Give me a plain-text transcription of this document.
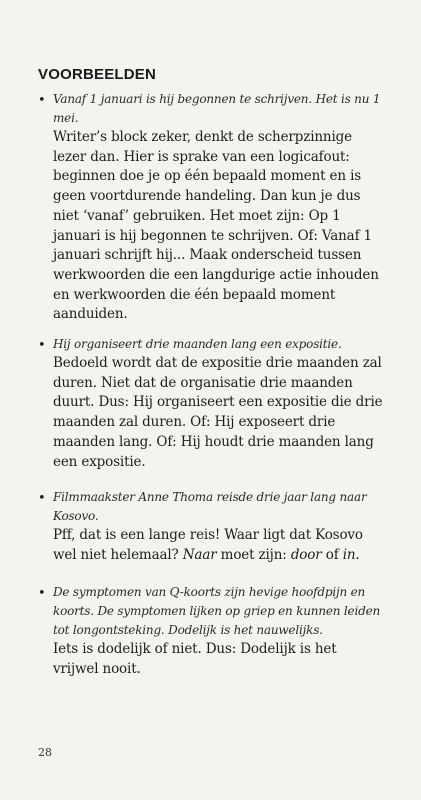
VOORBEELDEN
• Vanaf 1 januari is hij begonnen te schrijven. Het is nu 1 mei.
Writer’s block zeker, denkt de scherpzinnige lezer dan. Hier is sprake van een logicafout: beginnen doe je op één bepaald moment en is geen voortdurende handeling. Dan kun je dus niet ‘vanaf’ gebruiken. Het moet zijn: Op 1 januari is hij begonnen te schrijven. Of: Vanaf 1 januari schrijft hij... Maak onderscheid tussen werkwoorden die een langdurige actie inhouden en werkwoorden die één bepaald moment aanduiden.
• Hij organiseert drie maanden lang een expositie.
Bedoeld wordt dat de expositie drie maanden zal duren. Niet dat de organisatie drie maanden duurt. Dus: Hij organiseert een expositie die drie maanden zal duren. Of: Hij exposeert drie maanden lang. Of: Hij houdt drie maanden lang een expositie.
• Filmmaakster Anne Thoma reisde drie jaar lang naar Kosovo.
Pff, dat is een lange reis! Waar ligt dat Kosovo wel niet helemaal? Naar moet zijn: door of in.
• De symptomen van Q-koorts zijn hevige hoofdpijn en koorts. De symptomen lijken op griep en kunnen leiden tot longontsteking. Dodelijk is het nauwelijks.
Iets is dodelijk of niet. Dus: Dodelijk is het vrijwel nooit.
28
